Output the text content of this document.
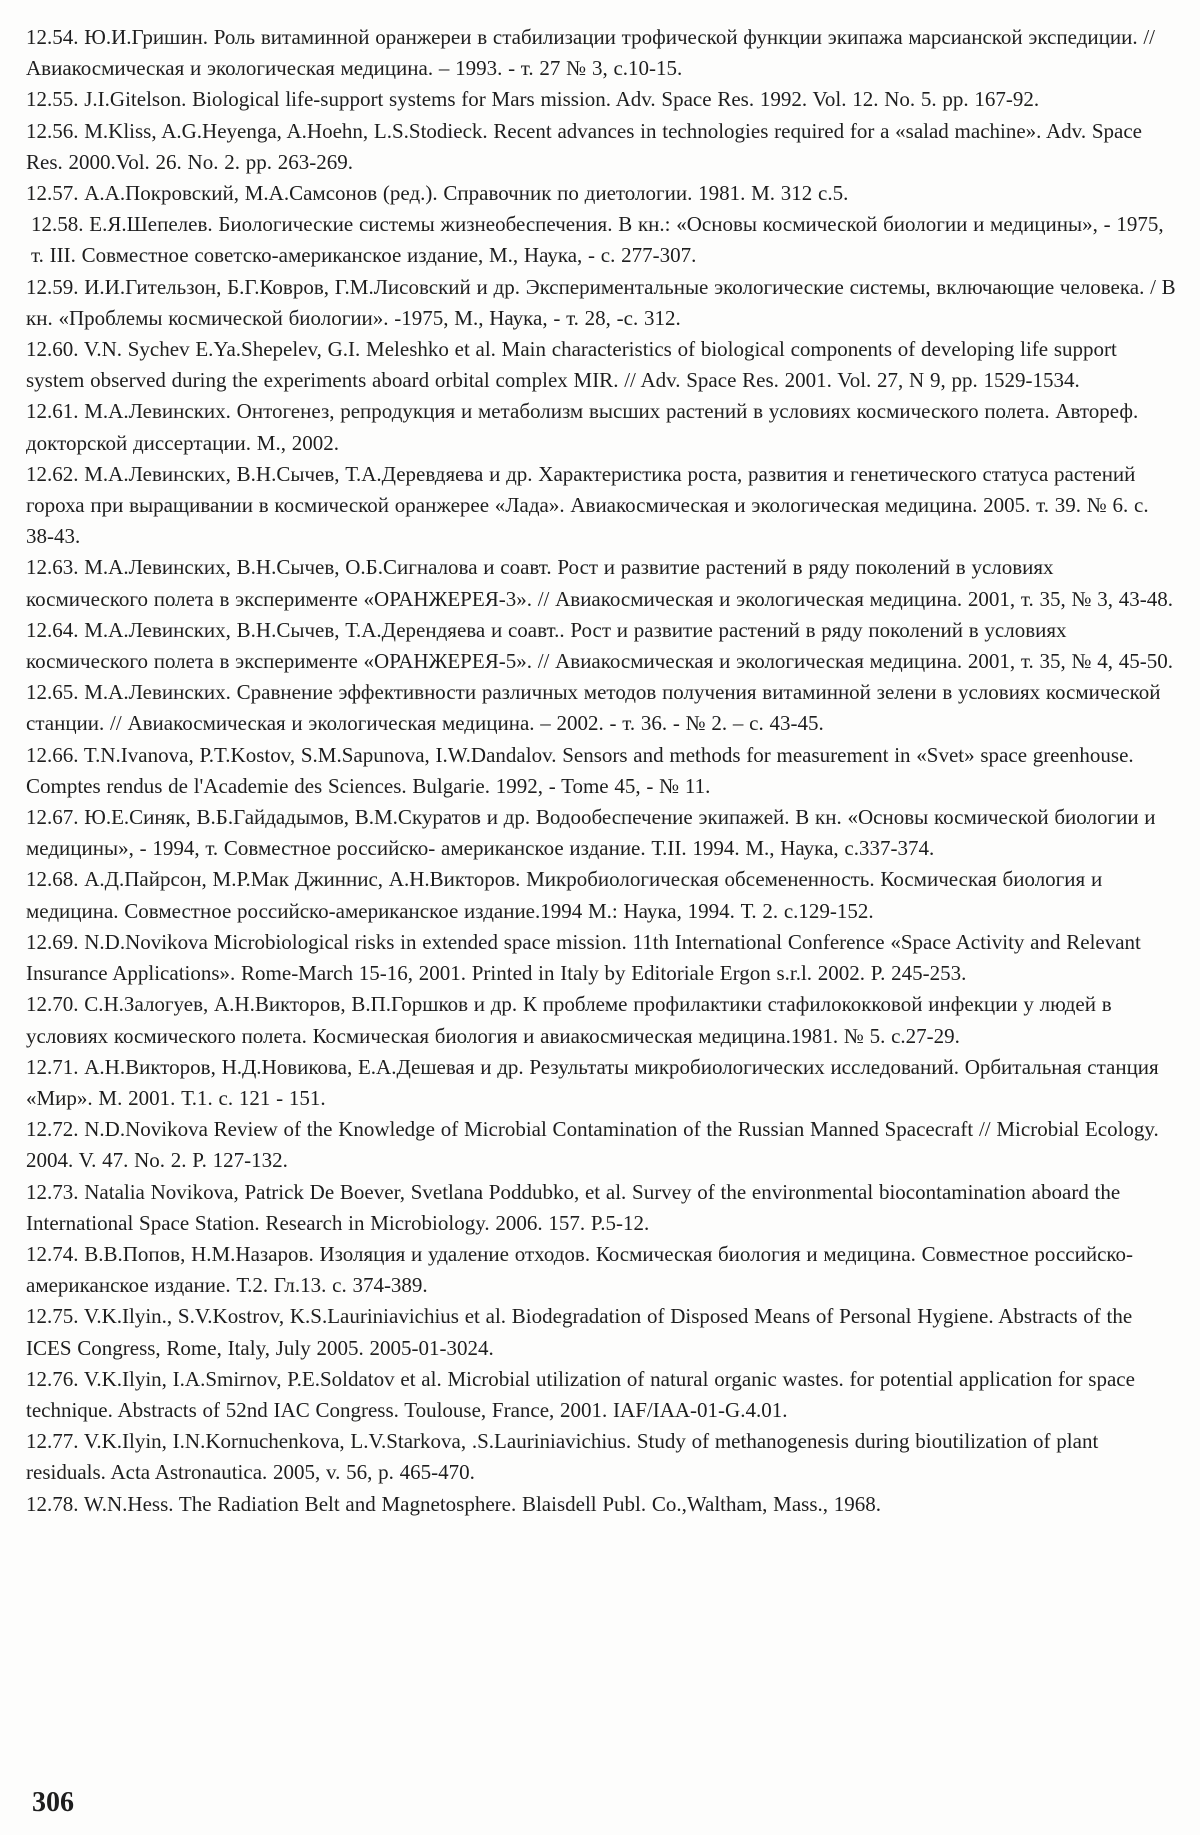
12.54. Ю.И.Гришин. Роль витаминной оранжереи в стабилизации трофической функции экипажа марсианской экспедиции. // Авиакосмическая и экологическая медицина. – 1993. - т. 27 № 3, с.10-15.

12.55. J.I.Gitelson. Biological life-support systems for Mars mission. Adv. Space Res. 1992. Vol. 12. No. 5. pp. 167-92.

12.56. M.Kliss, A.G.Heyenga, A.Hoehn, L.S.Stodieck. Recent advances in technologies required for a «salad machine». Adv. Space Res. 2000.Vol. 26. No. 2. pp. 263-269.

12.57. А.А.Покровский, М.А.Самсонов (ред.). Справочник по диетологии. 1981. М. 312 с.5.

12.58. Е.Я.Шепелев. Биологические системы жизнеобеспечения. В кн.: «Основы космической биологии и медицины», - 1975, т. III. Совместное советско-американское издание, М., Наука, - с. 277-307.

12.59. И.И.Гительзон, Б.Г.Ковров, Г.М.Лисовский и др. Экспериментальные экологические системы, включающие человека. / В кн. «Проблемы космической биологии». -1975, М., Наука, - т. 28, -с. 312.

12.60. V.N. Sychev E.Ya.Shepelev, G.I. Meleshko et al. Main characteristics of biological components of developing life support system observed during the experiments aboard orbital complex MIR. // Adv. Space Res. 2001. Vol. 27, N 9, pp. 1529-1534.

12.61. М.А.Левинских. Онтогенез, репродукция и метаболизм высших растений в условиях космического полета. Автореф. докторской диссертации. М., 2002.

12.62. М.А.Левинских, В.Н.Сычев, Т.А.Деревдяева и др. Характеристика роста, развития и генетического статуса растений гороха при выращивании в космической оранжерее «Лада». Авиакосмическая и экологическая медицина. 2005. т. 39. № 6. с. 38-43.

12.63. М.А.Левинских, В.Н.Сычев, О.Б.Сигналова и соавт. Рост и развитие растений в ряду поколений в условиях космического полета в эксперименте «ОРАНЖЕРЕЯ-3». // Авиакосмическая и экологическая медицина. 2001, т. 35, № 3, 43-48.

12.64. М.А.Левинских, В.Н.Сычев, Т.А.Дерендяева и соавт.. Рост и развитие растений в ряду поколений в условиях космического полета в эксперименте «ОРАНЖЕРЕЯ-5». // Авиакосмическая и экологическая медицина. 2001, т. 35, № 4, 45-50.

12.65. М.А.Левинских. Сравнение эффективности различных методов получения витаминной зелени в условиях космической станции. // Авиакосмическая и экологическая медицина. – 2002. - т. 36. - № 2. – с. 43-45.

12.66. T.N.Ivanova, P.T.Kostov, S.M.Sapunova, I.W.Dandalov. Sensors and methods for measurement in «Svet» space greenhouse. Comptes rendus de l'Academie des Sciences. Bulgarie. 1992, - Tome 45, - № 11.

12.67. Ю.Е.Синяк, В.Б.Гайдадымов, В.М.Скуратов и др. Водообеспечение экипажей. В кн. «Основы космической биологии и медицины», - 1994, т. Совместное российско- американское издание. Т.II. 1994. М., Наука, с.337-374.

12.68. А.Д.Пайрсон, М.Р.Мак Джиннис, А.Н.Викторов. Микробиологическая обсемененность. Космическая биология и медицина. Совместное российско-американское издание.1994 М.: Наука, 1994. Т. 2. с.129-152.

12.69. N.D.Novikova Microbiological risks in extended space mission. 11th International Conference «Space Activity and Relevant Insurance Applications». Rome-March 15-16, 2001. Printed in Italy by Editoriale Ergon s.r.l. 2002. P. 245-253.

12.70. С.Н.Залогуев, А.Н.Викторов, В.П.Горшков и др. К проблеме профилактики стафилококковой инфекции у людей в условиях космического полета. Космическая биология и авиакосмическая медицина.1981. № 5. с.27-29.

12.71. А.Н.Викторов, Н.Д.Новикова, Е.А.Дешевая и др. Результаты микробиологических исследований. Орбитальная станция «Мир». М. 2001. Т.1. с. 121 - 151.

12.72. N.D.Novikova Review of the Knowledge of Microbial Contamination of the Russian Manned Spacecraft // Microbial Ecology. 2004. V. 47. No. 2. P. 127-132.

12.73. Natalia Novikova, Patrick De Boever, Svetlana Poddubko, et al. Survey of the environmental biocontamination aboard the International Space Station. Research in Microbiology. 2006. 157. P.5-12.

12.74. В.В.Попов, Н.М.Назаров. Изоляция и удаление отходов. Космическая биология и медицина. Совместное российско-американское издание. Т.2. Гл.13. с. 374-389.

12.75. V.K.Ilyin., S.V.Kostrov, K.S.Lauriniavichius et al. Biodegradation of Disposed Means of Personal Hygiene. Abstracts of the ICES Congress, Rome, Italy, July 2005. 2005-01-3024.

12.76. V.K.Ilyin, I.A.Smirnov, P.E.Soldatov et al. Microbial utilization of natural organic wastes. for potential application for space technique. Abstracts of 52nd IAC Congress. Toulouse, France, 2001. IAF/IAA-01-G.4.01.

12.77. V.K.Ilyin, I.N.Kornuchenkova, L.V.Starkova, .S.Lauriniavichius. Study of methanogenesis during bioutilization of plant residuals. Acta Astronautica. 2005, v. 56, p. 465-470.

12.78. W.N.Hess. The Radiation Belt and Magnetosphere. Blaisdell Publ. Co.,Waltham, Mass., 1968.

306
